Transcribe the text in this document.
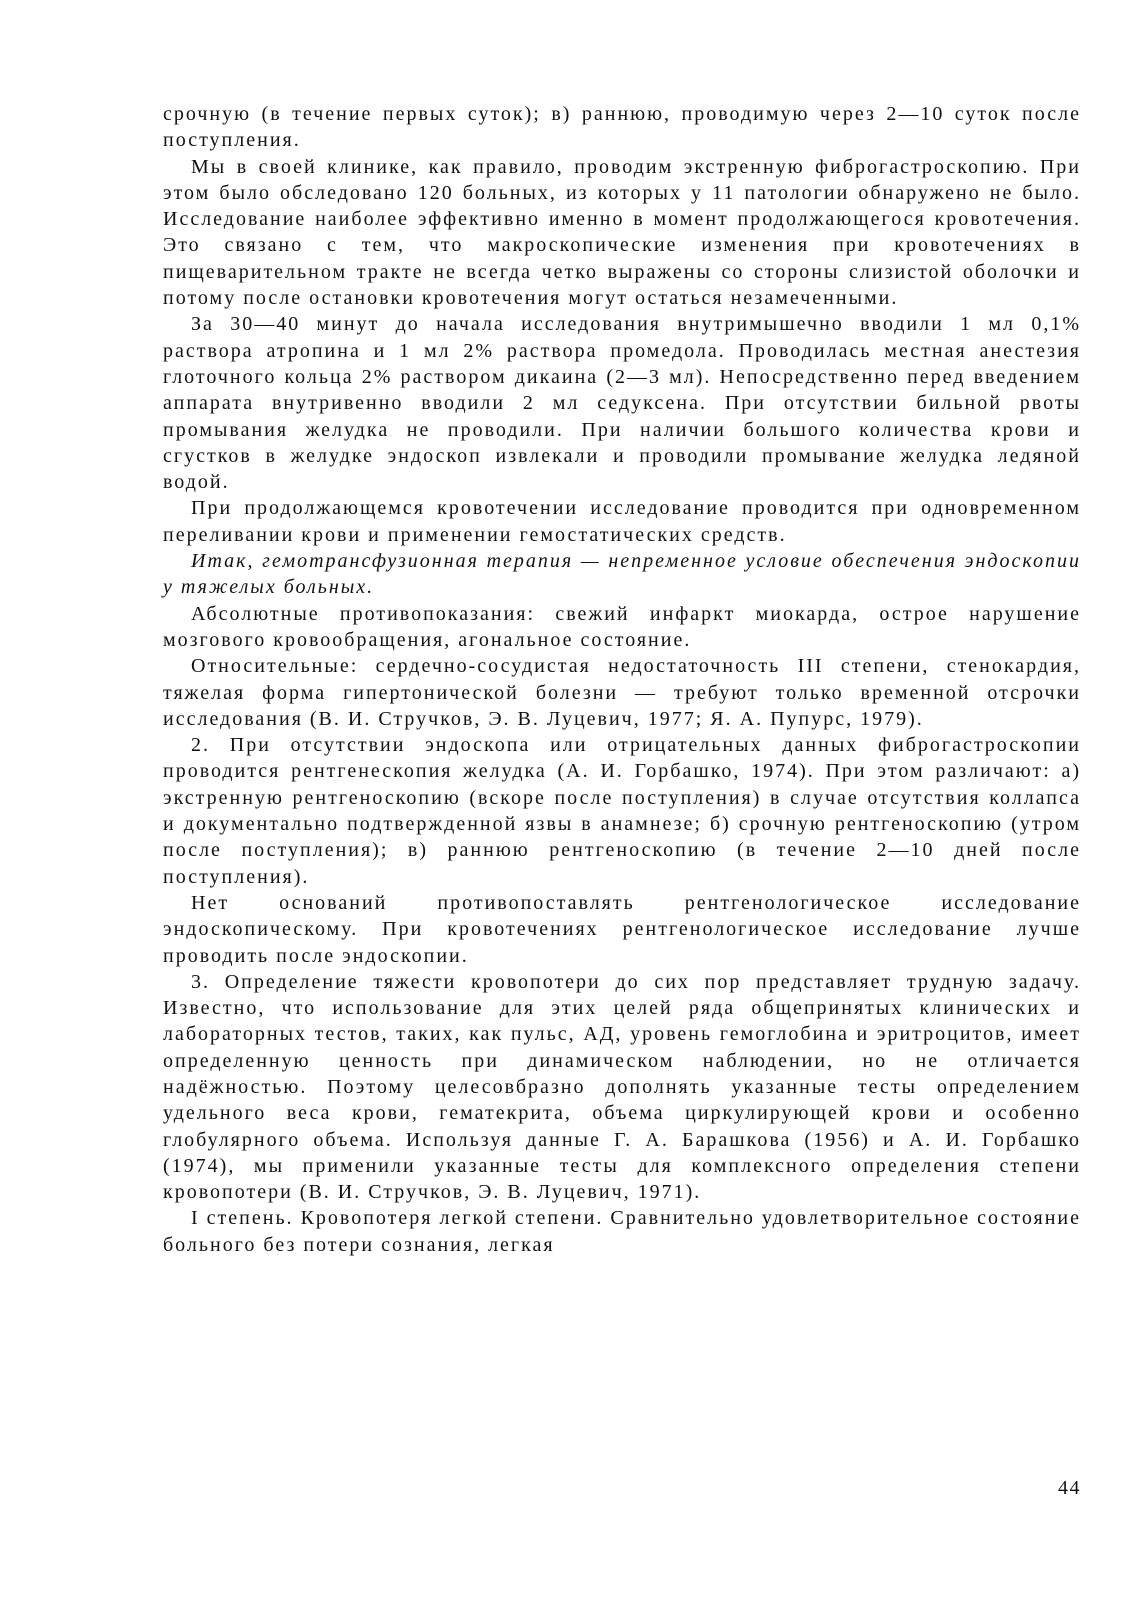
срочную (в течение первых суток); в) раннюю, проводимую через 2—10 суток после поступления.

Мы в своей клинике, как правило, проводим экстренную фиброгастроскопию. При этом было обследовано 120 больных, из которых у 11 патологии обнаружено не было. Исследование наиболее эффективно именно в момент продолжающегося кровотечения. Это связано с тем, что макроскопические изменения при кровотечениях в пищеварительном тракте не всегда четко выражены со стороны слизистой оболочки и потому после остановки кровотечения могут остаться незамеченными.

За 30—40 минут до начала исследования внутримышечно вводили 1 мл 0,1% раствора атропина и 1 мл 2% раствора промедола. Проводилась местная анестезия глоточного кольца 2% раствором дикаина (2—3 мл). Непосредственно перед введением аппарата внутривенно вводили 2 мл седуксена. При отсутствии бильной рвоты промывания желудка не проводили. При наличии большого количества крови и сгустков в желудке эндоскоп извлекали и проводили промывание желудка ледяной водой.

При продолжающемся кровотечении исследование проводится при одновременном переливании крови и применении гемостатических средств.

Итак, гемотрансфузионная терапия — непременное условие обеспечения эндоскопии у тяжелых больных.

Абсолютные противопоказания: свежий инфаркт миокарда, острое нарушение мозгового кровообращения, агональное состояние.

Относительные: сердечно-сосудистая недостаточность III степени, стенокардия, тяжелая форма гипертонической болезни — требуют только временной отсрочки исследования (В. И. Стручков, Э. В. Луцевич, 1977; Я. А. Пупурс, 1979).

2. При отсутствии эндоскопа или отрицательных данных фиброгастроскопии проводится рентгенескопия желудка (А. И. Горбашко, 1974). При этом различают: а) экстренную рентгеноскопию (вскоре после поступления) в случае отсутствия коллапса и документально подтвержденной язвы в анамнезе; б) срочную рентгеноскопию (утром после поступления); в) раннюю рентгеноскопию (в течение 2—10 дней после поступления).

Нет оснований противопоставлять рентгенологическое исследование эндоскопическому. При кровотечениях рентгенологическое исследование лучше проводить после эндоскопии.

3. Определение тяжести кровопотери до сих пор представляет трудную задачу. Известно, что использование для этих целей ряда общепринятых клинических и лабораторных тестов, таких, как пульс, АД, уровень гемоглобина и эритроцитов, имеет определенную ценность при динамическом наблюдении, но не отличается надёжностью. Поэтому целесовбразно дополнять указанные тесты определением удельного веса крови, гематекрита, объема циркулирующей крови и особенно глобулярного объема. Используя данные Г. А. Барашкова (1956) и А. И. Горбашко (1974), мы применили указанные тесты для комплексного определения степени кровопотери (В. И. Стручков, Э. В. Луцевич, 1971).

I степень. Кровопотеря легкой степени. Сравнительно удовлетворительное состояние больного без потери сознания, легкая

44
